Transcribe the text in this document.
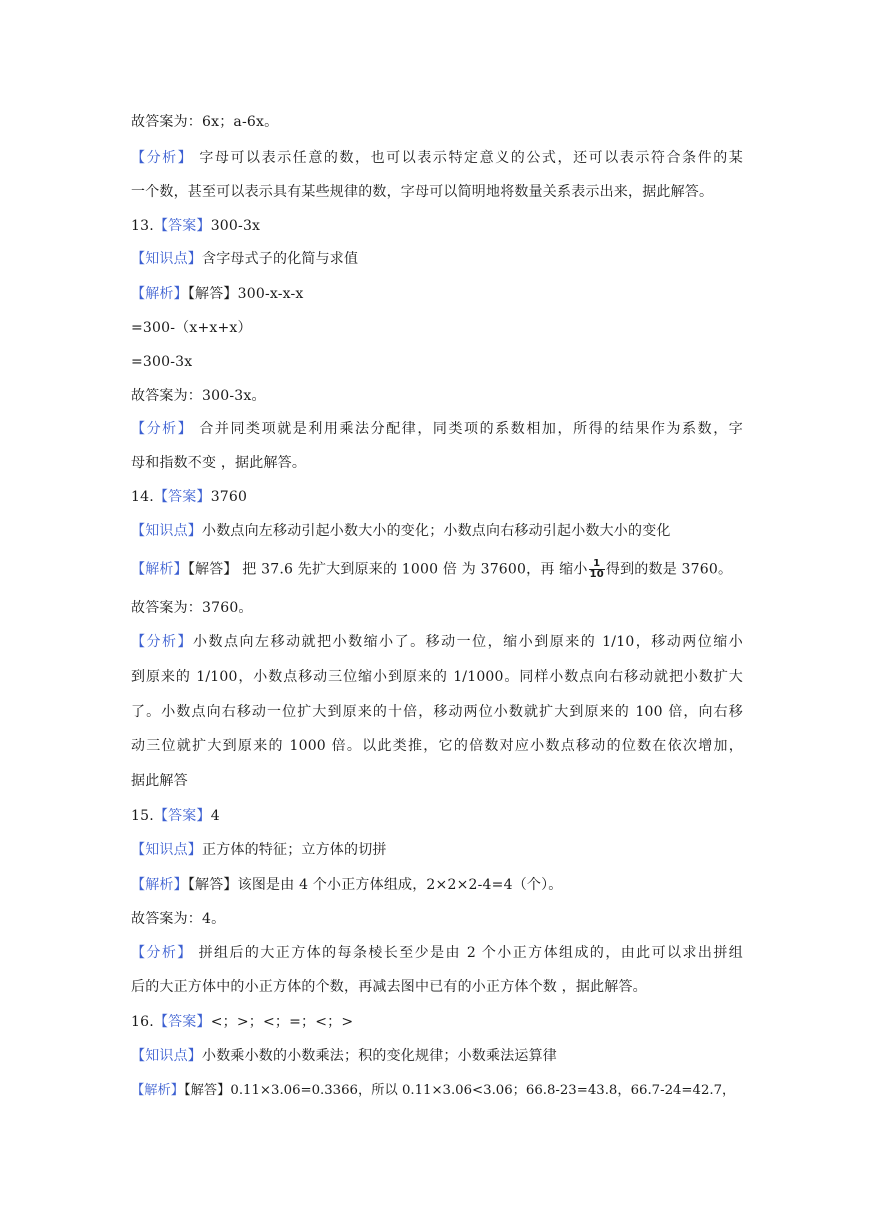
故答案为：6x；a-6x。
【分析】 字母可以表示任意的数，也可以表示特定意义的公式，还可以表示符合条件的某
一个数，甚至可以表示具有某些规律的数，字母可以简明地将数量关系表示出来，据此解答。
13.【答案】300-3x
【知识点】含字母式子的化简与求值
【解析】【解答】300-x-x-x
=300-（x+x+x）
=300-3x
故答案为：300-3x。
【分析】 合并同类项就是利用乘法分配律，同类项的系数相加，所得的结果作为系数，字
母和指数不变 ，据此解答。
14.【答案】3760
【知识点】小数点向左移动引起小数大小的变化；小数点向右移动引起小数大小的变化
【解析】【解答】 把 37.6 先扩大到原来的 1000 倍 为 37600，再 缩小 $\frac{1}{10}$ 得到的数是 3760。
故答案为：3760。
【分析】小数点向左移动就把小数缩小了。移动一位，缩小到原来的 1/10，移动两位缩小
到原来的 1/100，小数点移动三位缩小到原来的 1/1000。同样小数点向右移动就把小数扩大
了。小数点向右移动一位扩大到原来的十倍，移动两位小数就扩大到原来的 100 倍，向右移
动三位就扩大到原来的 1000 倍。以此类推，它的倍数对应小数点移动的位数在依次增加，
据此解答
15.【答案】4
【知识点】正方体的特征；立方体的切拼
【解析】【解答】该图是由 4 个小正方体组成，2×2×2-4=4（个）。
故答案为：4。
【分析】 拼组后的大正方体的每条棱长至少是由 2 个小正方体组成的，由此可以求出拼组
后的大正方体中的小正方体的个数，再减去图中已有的小正方体个数 ，据此解答。
16.【答案】<；>；<；=；<；>
【知识点】小数乘小数的小数乘法；积的变化规律；小数乘法运算律
【解析】【解答】0.11×3.06=0.3366，所以 0.11×3.06<3.06；66.8-23=43.8，66.7-24=42.7，
